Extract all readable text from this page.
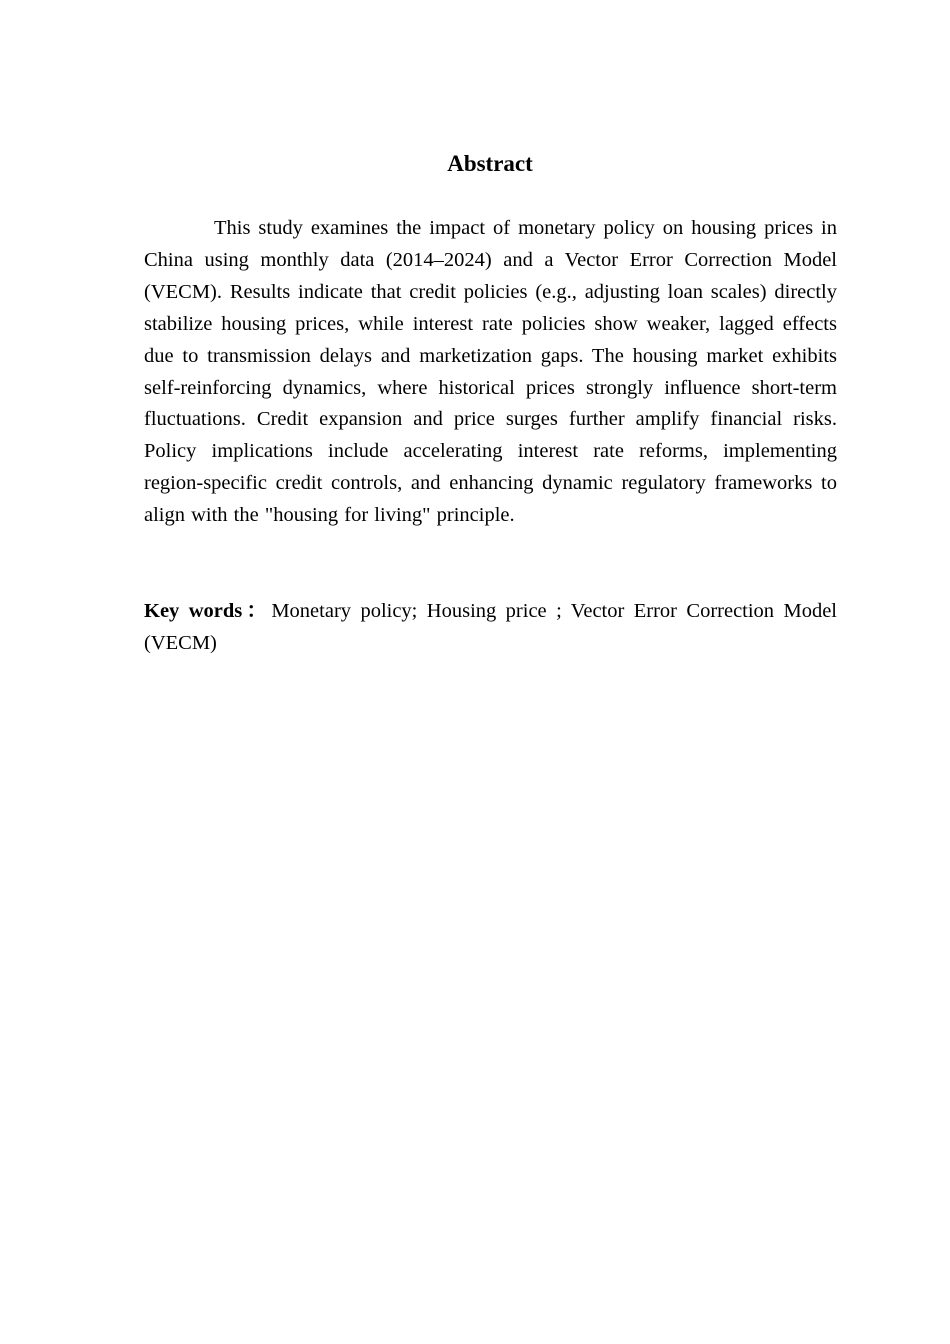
Abstract

This study examines the impact of monetary policy on housing prices in China using monthly data (2014–2024) and a Vector Error Correction Model (VECM). Results indicate that credit policies (e.g., adjusting loan scales) directly stabilize housing prices, while interest rate policies show weaker, lagged effects due to transmission delays and marketization gaps. The housing market exhibits self-reinforcing dynamics, where historical prices strongly influence short-term fluctuations. Credit expansion and price surges further amplify financial risks. Policy implications include accelerating interest rate reforms, implementing region-specific credit controls, and enhancing dynamic regulatory frameworks to align with the "housing for living" principle.

Key words：Monetary policy; Housing price ; Vector Error Correction Model (VECM)
